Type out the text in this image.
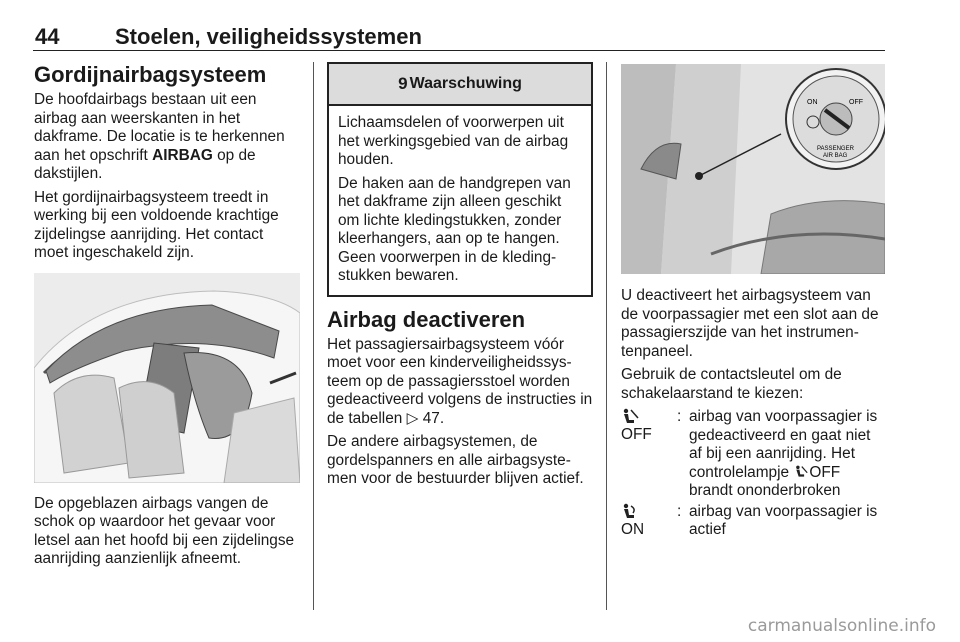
44	Stoelen, veiligheidssystemen
Gordijnairbagsysteem

De hoofdairbags bestaan uit een airbag aan weerskanten in het dakframe. De locatie is te herkennen aan het opschrift AIRBAG op de dakstijlen.

Het gordijnairbagsysteem treedt in werking bij een voldoende krachtige zijdelingse aanrijding. Het contact moet ingeschakeld zijn.

De opgeblazen airbags vangen de schok op waardoor het gevaar voor letsel aan het hoofd bij een zijdelingse aanrijding aanzienlijk afneemt.

9 Waarschuwing

Lichaamsdelen of voorwerpen uit het werkingsgebied van de airbag houden.

De haken aan de handgrepen van het dakframe zijn alleen geschikt om lichte kledingstukken, zonder kleerhangers, aan op te hangen. Geen voorwerpen in de kleding-stukken bewaren.

Airbag deactiveren

Het passagiersairbagsysteem vóór moet voor een kinderveiligheidssys-teem op de passagiersstoel worden gedeactiveerd volgens de instructies in de tabellen ▷ 47.

De andere airbagsystemen, de gordelspanners en alle airbagsyste-men voor de bestuurder blijven actief.

ON	OFF
PASSENGER
AIR BAG

U deactiveert het airbagsysteem van de voorpassagier met een slot aan de passagierszijde van het instrumen-tenpaneel.

Gebruik de contactsleutel om de schakelaarstand te kiezen:

OFF
: airbag van voorpassagier is gedeactiveerd en gaat niet af bij een aanrijding. Het controlelampje OFF brandt ononderbroken
ON
: airbag van voorpassagier is actief
carmanualsonline.info
